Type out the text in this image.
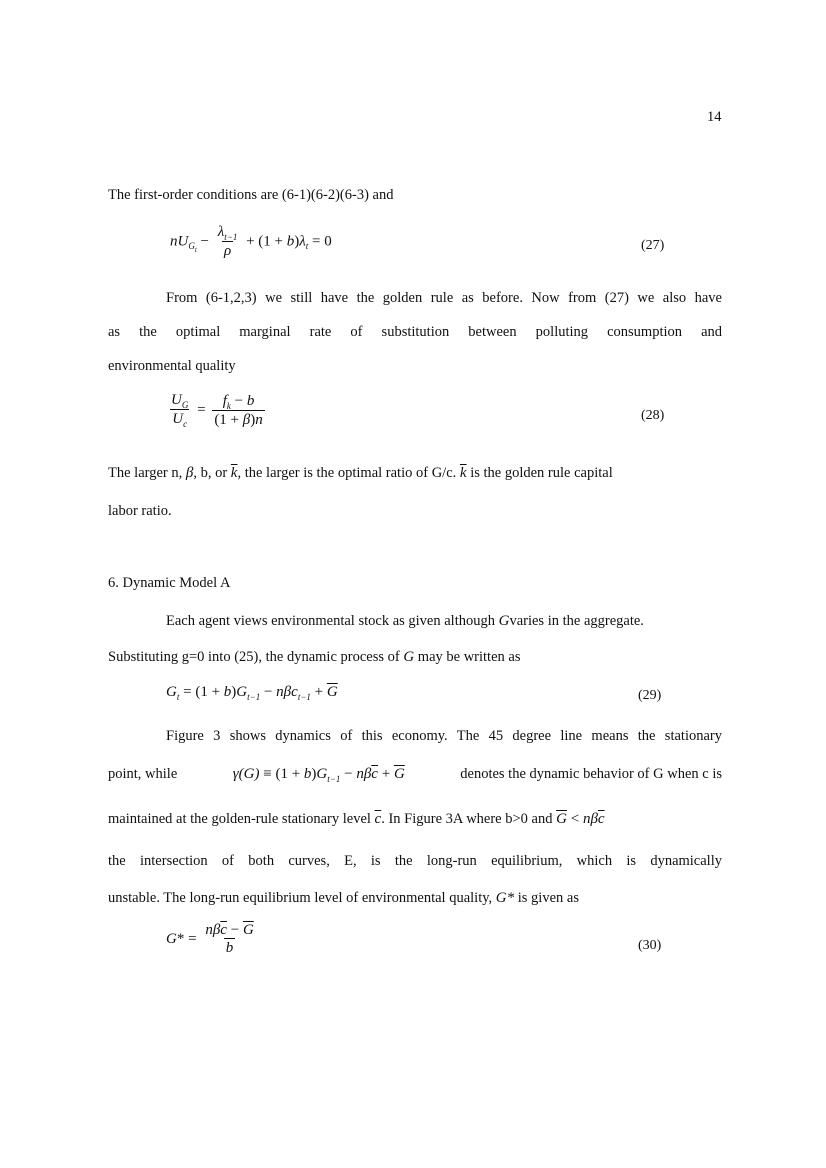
14
The first-order conditions are (6-1)(6-2)(6-3) and
$nU_{G_t} - \frac{\lambda_{t-1}}{\rho} + (1 + b)\lambda_t = 0$	(27)
From (6-1,2,3) we still have the golden rule as before. Now from (27) we also have
as the optimal marginal rate of substitution between polluting consumption and
environmental quality
$\frac{U_G}{U_c} = \frac{f_k - b}{(1 + \beta)n}$	(28)
The larger n, β, b, or $\overline{k}$, the larger is the optimal ratio of G/c. $\overline{k}$ is the golden rule capital
labor ratio.
6. Dynamic Model A
Each agent views environmental stock as given although Gvaries in the aggregate.
Substituting g=0 into (25), the dynamic process of G may be written as
$G_t = (1 + b)G_{t-1} - n\beta c_{t-1} + \overline{G}$	(29)
Figure 3 shows dynamics of this economy. The 45 degree line means the stationary
point, while	$\gamma(G) \equiv (1 + b)G_{t-1} - n\beta\overline{c} + \overline{G}$	denotes the dynamic behavior of G when c is
maintained at the golden-rule stationary level $\overline{c}$. In Figure 3A where b>0 and $\overline{G} < n\beta\overline{c}$
the intersection of both curves, E, is the long-run equilibrium, which is dynamically
unstable. The long-run equilibrium level of environmental quality, G* is given as
$G* = \frac{n\beta\overline{c} - \overline{G}}{b}$	(30)
